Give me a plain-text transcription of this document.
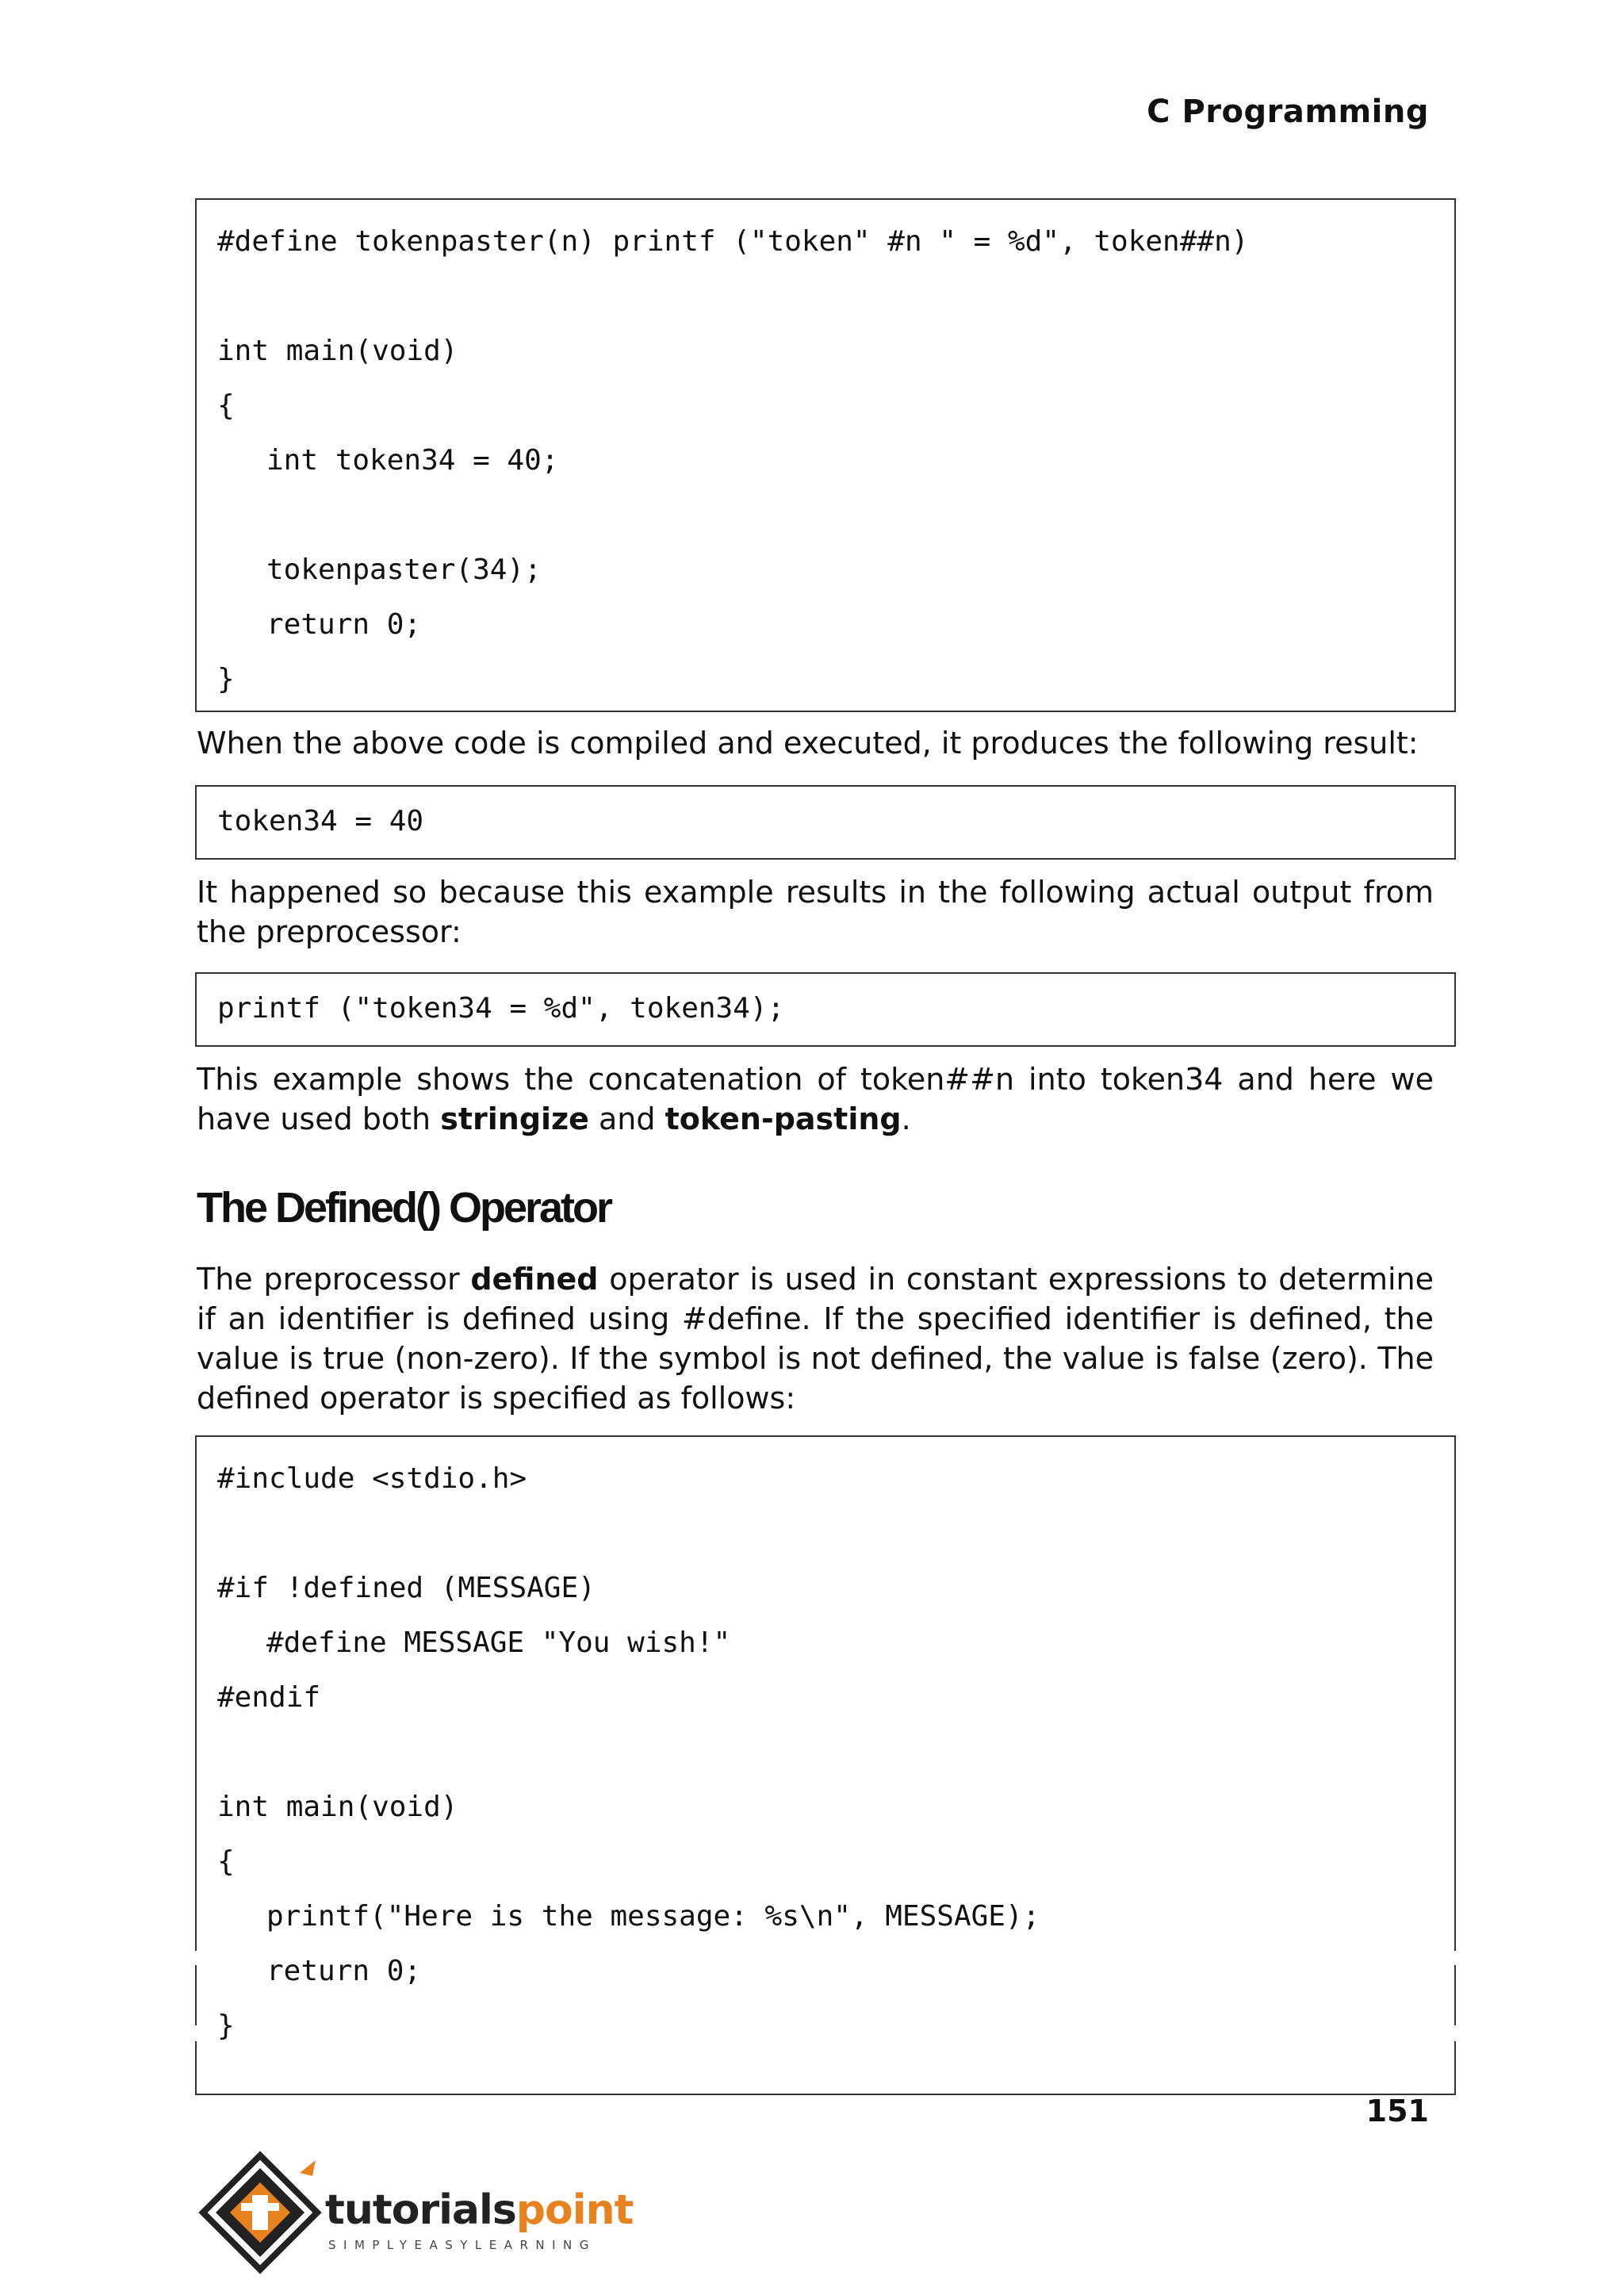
C Programming
#define tokenpaster(n) printf ("token" #n " = %d", token##n)
int main(void)
{
int token34 = 40;
tokenpaster(34);
return 0;
}
When the above code is compiled and executed, it produces the following result:
token34 = 40
It happened so because this example results in the following actual output from the preprocessor:
printf ("token34 = %d", token34);
This example shows the concatenation of token##n into token34 and here we have used both stringize and token-pasting.
The Defined() Operator
The preprocessor defined operator is used in constant expressions to determine if an identifier is defined using #define. If the specified identifier is defined, the value is true (non-zero). If the symbol is not defined, the value is false (zero). The defined operator is specified as follows:
#include <stdio.h>
#if !defined (MESSAGE)
#define MESSAGE "You wish!"
#endif
int main(void)
{
printf("Here is the message: %s\n", MESSAGE);
return 0;
}
151
tutorialspoint
SIMPLYEASYLEARNING
